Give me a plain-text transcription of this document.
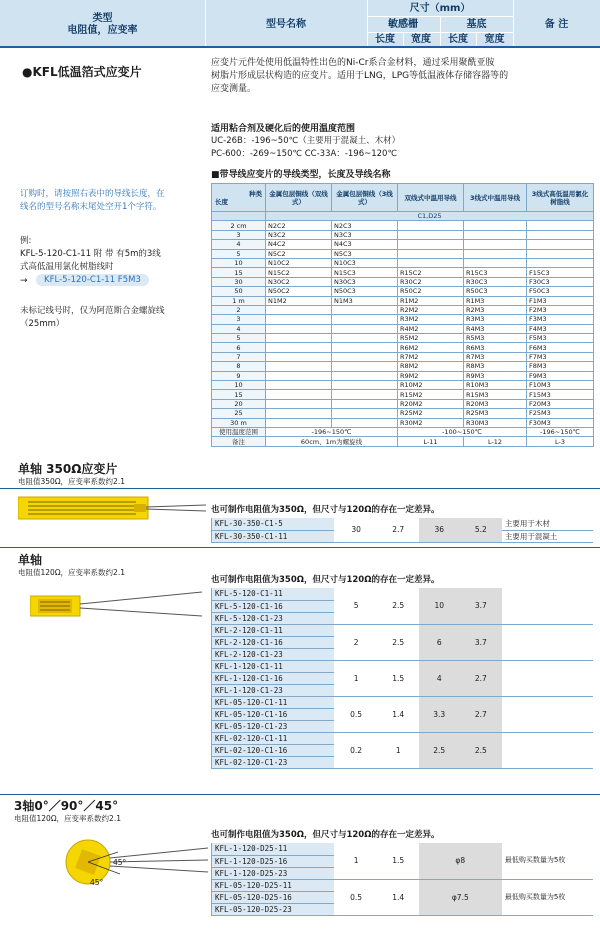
类型
电阻值，应变率
型号名称
尺寸（mm）
敏感栅	基底
长度	宽度	长度	宽度
备 注
●KFL低温箔式应变片
应变片元件处使用低温特性出色的Ni-Cr系合金材料，通过采用聚酰亚胺
树脂片形成层状构造的应变片。适用于LNG，LPG等低温液体存储容器等的
应变测量。
适用粘合剂及硬化后的使用温度范围
UC-26B：-196~50℃（主要用于混凝土、木材）
PC-600：-269~150℃ CC-33A：-196~120℃
■带导线应变片的导线类型，长度及导线名称
订购时，请按照右表中的导线长度，在
线名的型号名称末尾处空开1个字符。
例:
KFL-5-120-C1-11 附 带 有5m的3线
式高低温用氯化树脂线时
→	KFL-5-120-C1-11 F5M3
未标记线号时，仅为阿范斯合金螺旋线
（25mm）
种类
长度	金属包层铜线（双线式）	金属包层铜线（3线式）	双线式中温用导线	3线式中温用导线	3线式高低温用氯化树脂线
	C1,D25				
2 cm	N2C2	N2C3			
3	N3C2	N3C3			
4	N4C2	N4C3			
5	N5C2	N5C3			
10	N10C2	N10C3			
15	N15C2	N15C3	R15C2	R15C3	F15C3
30	N30C2	N30C3	R30C2	R30C3	F30C3
50	N50C2	N50C3	R50C2	R50C3	F50C3
1 m	N1M2	N1M3	R1M2	R1M3	F1M3
2			R2M2	R2M3	F2M3
3			R3M2	R3M3	F3M3
4			R4M2	R4M3	F4M3
5			R5M2	R5M3	F5M3
6			R6M2	R6M3	F6M3
7			R7M2	R7M3	F7M3
8			R8M2	R8M3	F8M3
9			R9M2	R9M3	F9M3
10			R10M2	R10M3	F10M3
15			R15M2	R15M3	F15M3
20			R20M2	R20M3	F20M3
25			R25M2	R25M3	F25M3
30 m			R30M2	R30M3	F30M3
使用温度范围	-196~150℃		-100~150℃		-196~150℃
备注	60cm、1m为螺旋线		L-11	L-12	L-3
单轴 350Ω应变片
电阻值350Ω，应变率系数约2.1
也可制作电阻值为350Ω，但尺寸与120Ω的存在一定差异。
KFL-30-350-C1-5	30	2.7	36	5.2	主要用于木材
KFL-30-350-C1-11					主要用于混凝土
单轴
电阻值120Ω，应变率系数约2.1
也可制作电阻值为350Ω，但尺寸与120Ω的存在一定差异。
KFL-5-120-C1-11	5	2.5	10	3.7	
KFL-5-120-C1-16					
KFL-5-120-C1-23					
KFL-2-120-C1-11	2	2.5	6	3.7	
KFL-2-120-C1-16					
KFL-2-120-C1-23					
KFL-1-120-C1-11	1	1.5	4	2.7	
KFL-1-120-C1-16					
KFL-1-120-C1-23					
KFL-05-120-C1-11	0.5	1.4	3.3	2.7	
KFL-05-120-C1-16					
KFL-05-120-C1-23					
KFL-02-120-C1-11	0.2	1	2.5	2.5	
KFL-02-120-C1-16					
KFL-02-120-C1-23					
3轴0°／90°／45°
电阻值120Ω，应变率系数约2.1
45°
45°
也可制作电阻值为350Ω，但尺寸与120Ω的存在一定差异。
KFL-1-120-D25-11	1	1.5	φ8	最低购买数量为5枚
KFL-1-120-D25-16				
KFL-1-120-D25-23				
KFL-05-120-D25-11	0.5	1.4	φ7.5	最低购买数量为5枚
KFL-05-120-D25-16				
KFL-05-120-D25-23				
